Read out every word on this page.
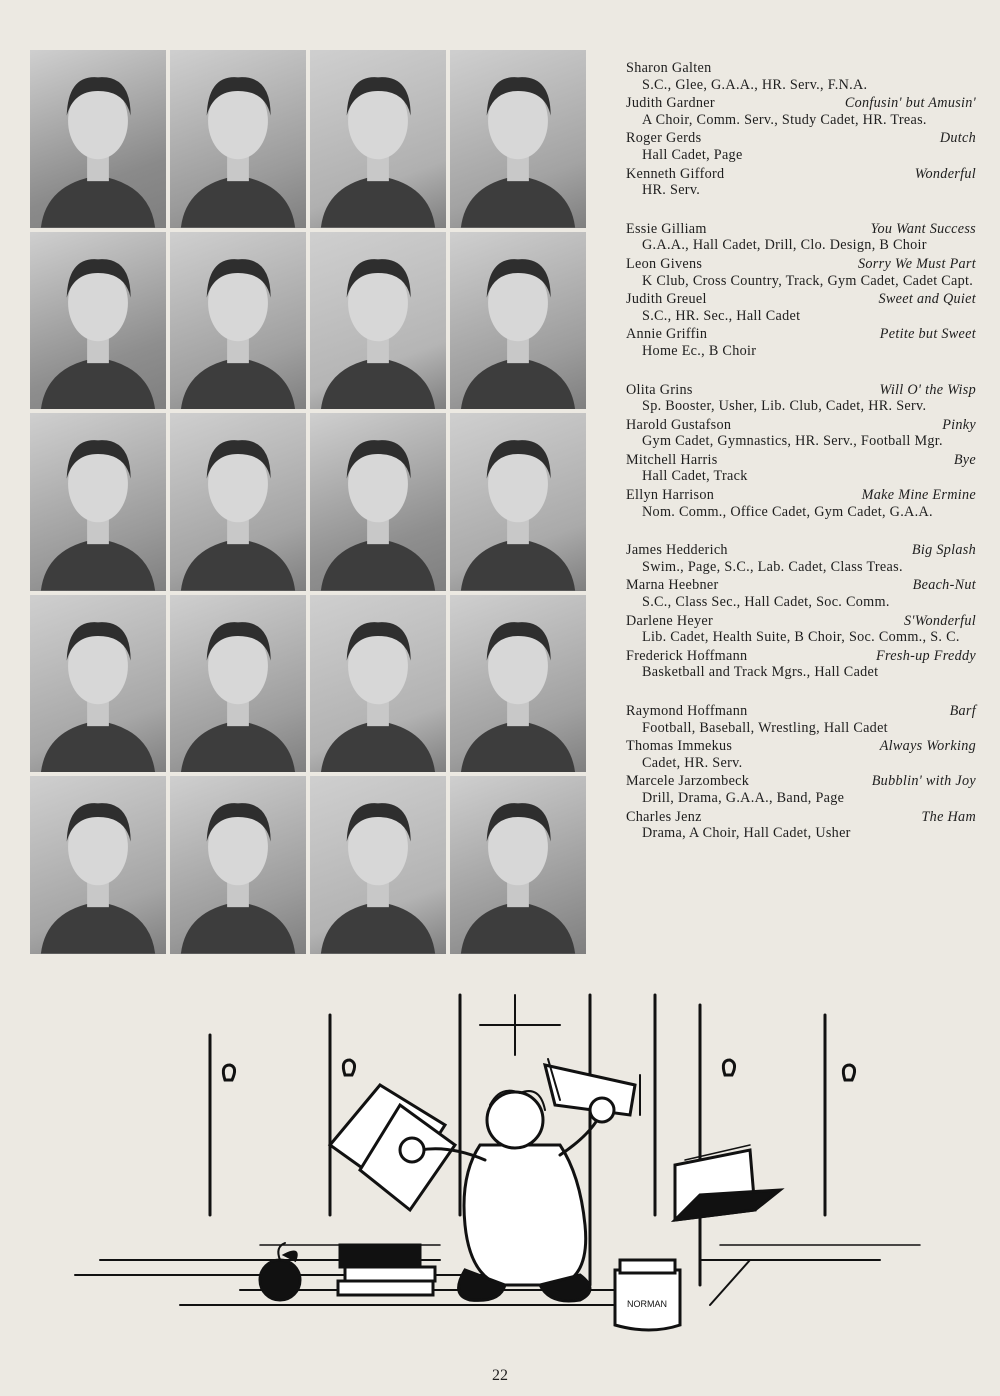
Sharon Galten
S.C., Glee, G.A.A., HR. Serv., F.N.A.
Judith Gardner	Confusin' but Amusin'
A Choir, Comm. Serv., Study Cadet, HR. Treas.
Roger Gerds	Dutch
Hall Cadet, Page
Kenneth Gifford	Wonderful
HR. Serv.
Essie Gilliam	You Want Success
G.A.A., Hall Cadet, Drill, Clo. Design, B Choir
Leon Givens	Sorry We Must Part
K Club, Cross Country, Track, Gym Cadet, Cadet Capt.
Judith Greuel	Sweet and Quiet
S.C., HR. Sec., Hall Cadet
Annie Griffin	Petite but Sweet
Home Ec., B Choir
Olita Grins	Will O' the Wisp
Sp. Booster, Usher, Lib. Club, Cadet, HR. Serv.
Harold Gustafson	Pinky
Gym Cadet, Gymnastics, HR. Serv., Football Mgr.
Mitchell Harris	Bye
Hall Cadet, Track
Ellyn Harrison	Make Mine Ermine
Nom. Comm., Office Cadet, Gym Cadet, G.A.A.
James Hedderich	Big Splash
Swim., Page, S.C., Lab. Cadet, Class Treas.
Marna Heebner	Beach-Nut
S.C., Class Sec., Hall Cadet, Soc. Comm.
Darlene Heyer	S'Wonderful
Lib. Cadet, Health Suite, B Choir, Soc. Comm., S. C.
Frederick Hoffmann	Fresh-up Freddy
Basketball and Track Mgrs., Hall Cadet
Raymond Hoffmann	Barf
Football, Baseball, Wrestling, Hall Cadet
Thomas Immekus	Always Working
Cadet, HR. Serv.
Marcele Jarzombeck	Bubblin' with Joy
Drill, Drama, G.A.A., Band, Page
Charles Jenz	The Ham
Drama, A Choir, Hall Cadet, Usher
NORMAN
22
